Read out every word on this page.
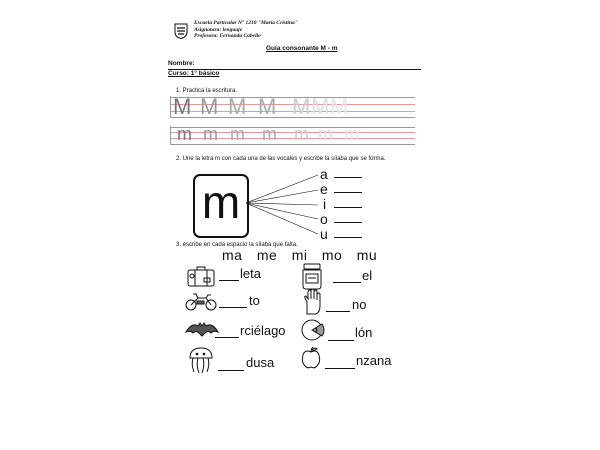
Escuela Particular N° 1210 "María Cristina"
Asignatura: lenguaje
Profesora: Fernanda Cabello
Guía consonante M - m
Nombre:
Curso: 1° básico
1. Practica la escritura.
M M M M M M M
m m m m m m m
2. Une la letra m con cada una de las vocales y escribe la sílaba que se forma.
m
a
e
i
o
u
3. escribe en cada espacio la sílaba que falta.
ma me mi mo mu
leta	el
to	no
rciélago	lón
dusa	nzana
